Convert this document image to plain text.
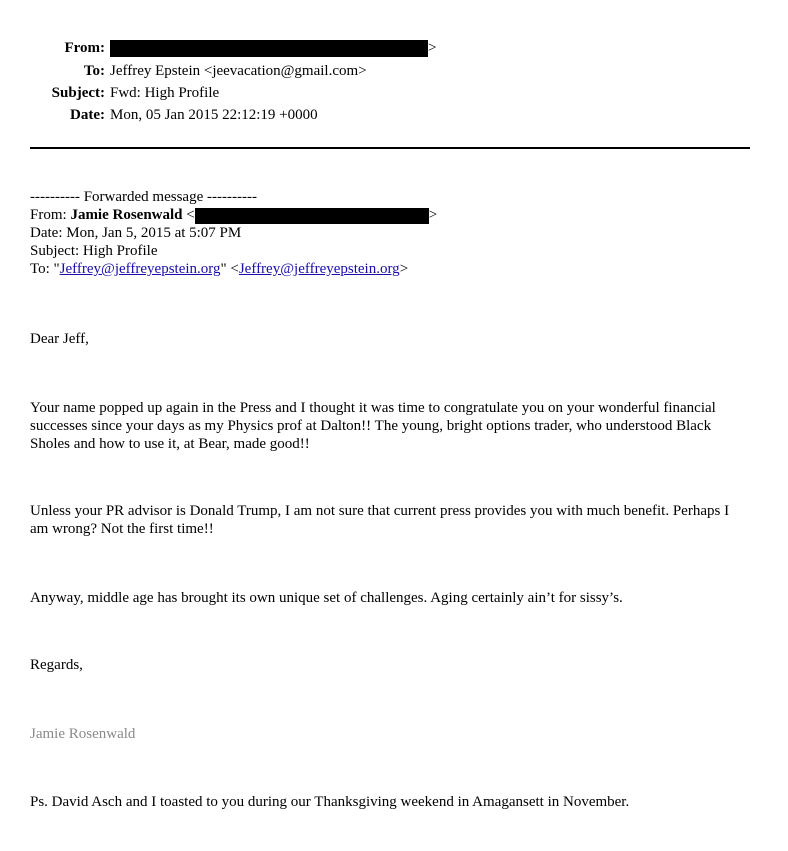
From:	>
To: Jeffrey Epstein <jeevacation@gmail.com>
Subject: Fwd: High Profile
Date: Mon, 05 Jan 2015 22:12:19 +0000
---------- Forwarded message ----------
From: Jamie Rosenwald <	>
Date: Mon, Jan 5, 2015 at 5:07 PM
Subject: High Profile
To: "Jeffrey@jeffreyepstein.org" <Jeffrey@jeffreyepstein.org>
Dear Jeff,
Your name popped up again in the Press and I thought it was time to congratulate you on your wonderful financial successes since your days as my Physics prof at Dalton!! The young, bright options trader, who understood Black Sholes and how to use it, at Bear, made good!!
Unless your PR advisor is Donald Trump, I am not sure that current press provides you with much benefit. Perhaps I am wrong? Not the first time!!
Anyway, middle age has brought its own unique set of challenges. Aging certainly ain’t for sissy’s.
Regards,
Jamie Rosenwald
Ps. David Asch and I toasted to you during our Thanksgiving weekend in Amagansett in November.
